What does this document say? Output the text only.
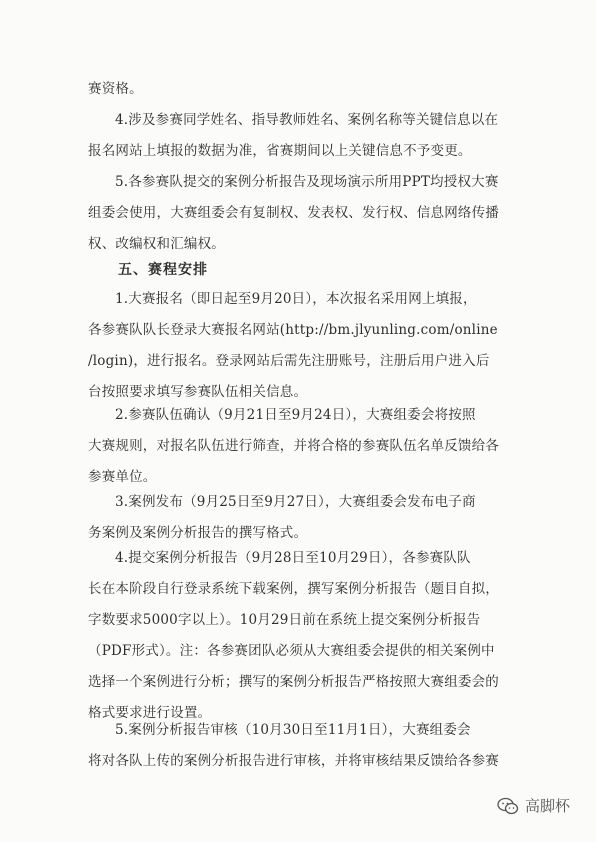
赛资格。
4.涉及参赛同学姓名、指导教师姓名、案例名称等关键信息以在
报名网站上填报的数据为准，省赛期间以上关键信息不予变更。
5.各参赛队提交的案例分析报告及现场演示所用PPT均授权大赛
组委会使用，大赛组委会有复制权、发表权、发行权、信息网络传播
权、改编权和汇编权。
五、赛程安排
1.大赛报名（即日起至9月20日），本次报名采用网上填报，
各参赛队队长登录大赛报名网站(http://bm.jlyunling.com/online
/login)，进行报名。登录网站后需先注册账号，注册后用户进入后
台按照要求填写参赛队伍相关信息。
2.参赛队伍确认（9月21日至9月24日），大赛组委会将按照
大赛规则，对报名队伍进行筛查，并将合格的参赛队伍名单反馈给各
参赛单位。
3.案例发布（9月25日至9月27日），大赛组委会发布电子商
务案例及案例分析报告的撰写格式。
4.提交案例分析报告（9月28日至10月29日），各参赛队队
长在本阶段自行登录系统下载案例，撰写案例分析报告（题目自拟，
字数要求5000字以上）。10月29日前在系统上提交案例分析报告
（PDF形式）。注：各参赛团队必须从大赛组委会提供的相关案例中
选择一个案例进行分析；撰写的案例分析报告严格按照大赛组委会的
格式要求进行设置。
5.案例分析报告审核（10月30日至11月1日），大赛组委会
将对各队上传的案例分析报告进行审核，并将审核结果反馈给各参赛
高脚杯
